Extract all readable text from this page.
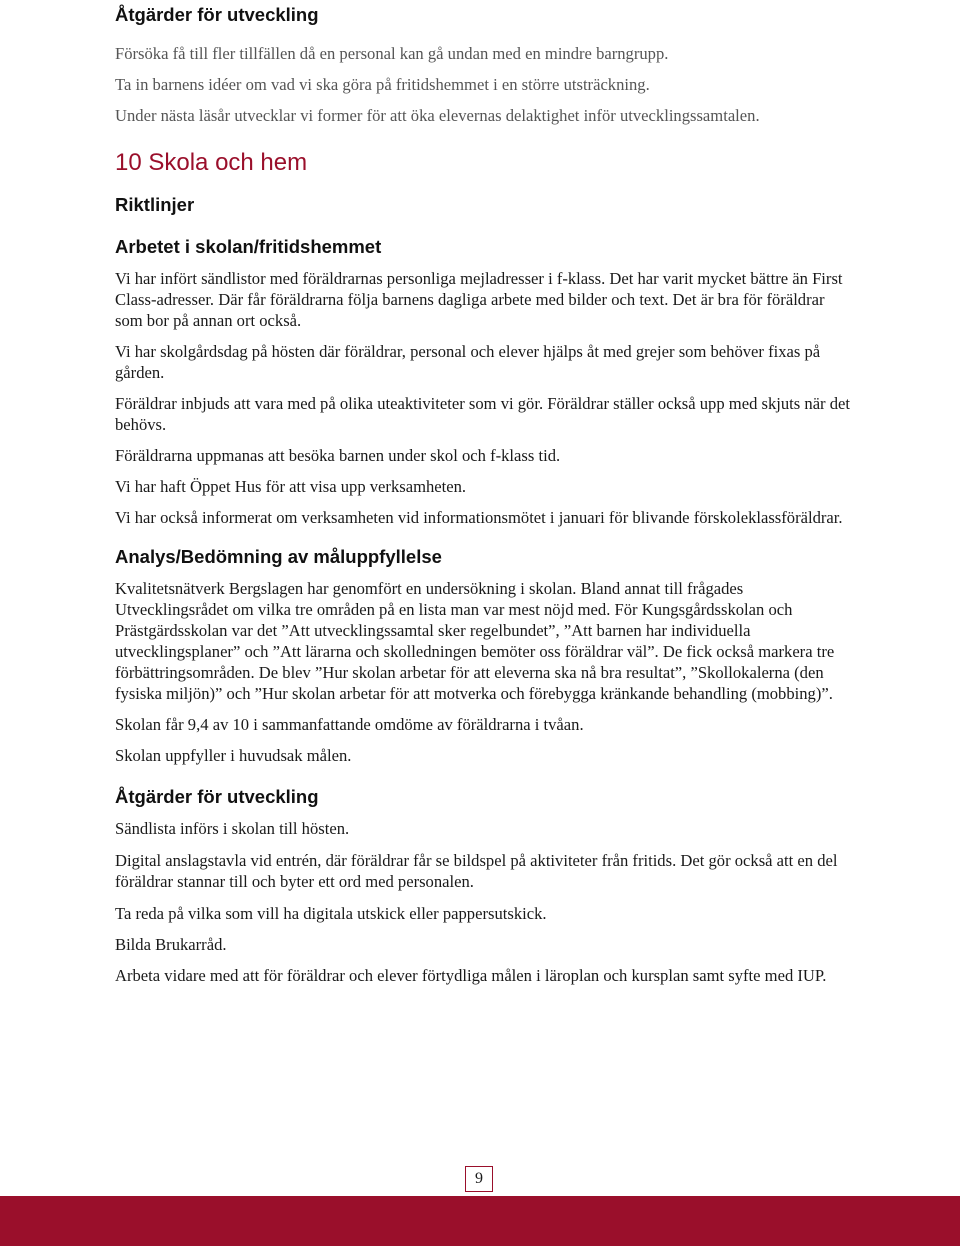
Åtgärder för utveckling

Försöka få till fler tillfällen då en personal kan gå undan med en mindre barngrupp.

Ta in barnens idéer om vad vi ska göra på fritidshemmet i en större utsträckning.

Under nästa läsår utvecklar vi former för att öka elevernas delaktighet inför utvecklingssamtalen.

10 Skola och hem
Riktlinjer
Arbetet i skolan/fritidshemmet

Vi har infört sändlistor med föräldrarnas personliga mejladresser i f-klass. Det har varit mycket bättre än First Class-adresser. Där får föräldrarna följa barnens dagliga arbete med bilder och text. Det är bra för föräldrar som bor på annan ort också.

Vi har skolgårdsdag på hösten där föräldrar, personal och elever hjälps åt med grejer som behöver fixas på gården.

Föräldrar inbjuds att vara med på olika uteaktiviteter som vi gör. Föräldrar ställer också upp med skjuts när det behövs.

Föräldrarna uppmanas att besöka barnen under skol och f-klass tid.

Vi har haft Öppet Hus för att visa upp verksamheten.

Vi har också informerat om verksamheten vid informationsmötet i januari för blivande förskoleklassföräldrar.

Analys/Bedömning av måluppfyllelse

Kvalitetsnätverk Bergslagen har genomfört en undersökning i skolan. Bland annat till frågades Utvecklingsrådet om vilka tre områden på en lista man var mest nöjd med. För Kungsgårdsskolan och Prästgärdsskolan var det ”Att utvecklingssamtal sker regelbundet”, ”Att barnen har individuella utvecklingsplaner” och ”Att lärarna och skolledningen bemöter oss föräldrar väl”. De fick också markera tre förbättringsområden. De blev ”Hur skolan arbetar för att eleverna ska nå bra resultat”, ”Skollokalerna (den fysiska miljön)” och ”Hur skolan arbetar för att motverka och förebygga kränkande behandling (mobbing)”.

Skolan får 9,4 av 10 i sammanfattande omdöme av föräldrarna i tvåan.

Skolan uppfyller i huvudsak målen.

Åtgärder för utveckling

Sändlista införs i skolan till hösten.

Digital anslagstavla vid entrén, där föräldrar får se bildspel på aktiviteter från fritids. Det gör också att en del föräldrar stannar till och byter ett ord med personalen.

Ta reda på vilka som vill ha digitala utskick eller pappersutskick.

Bilda Brukarråd.

Arbeta vidare med att för föräldrar och elever förtydliga målen i läroplan och kursplan samt syfte med IUP.

9
